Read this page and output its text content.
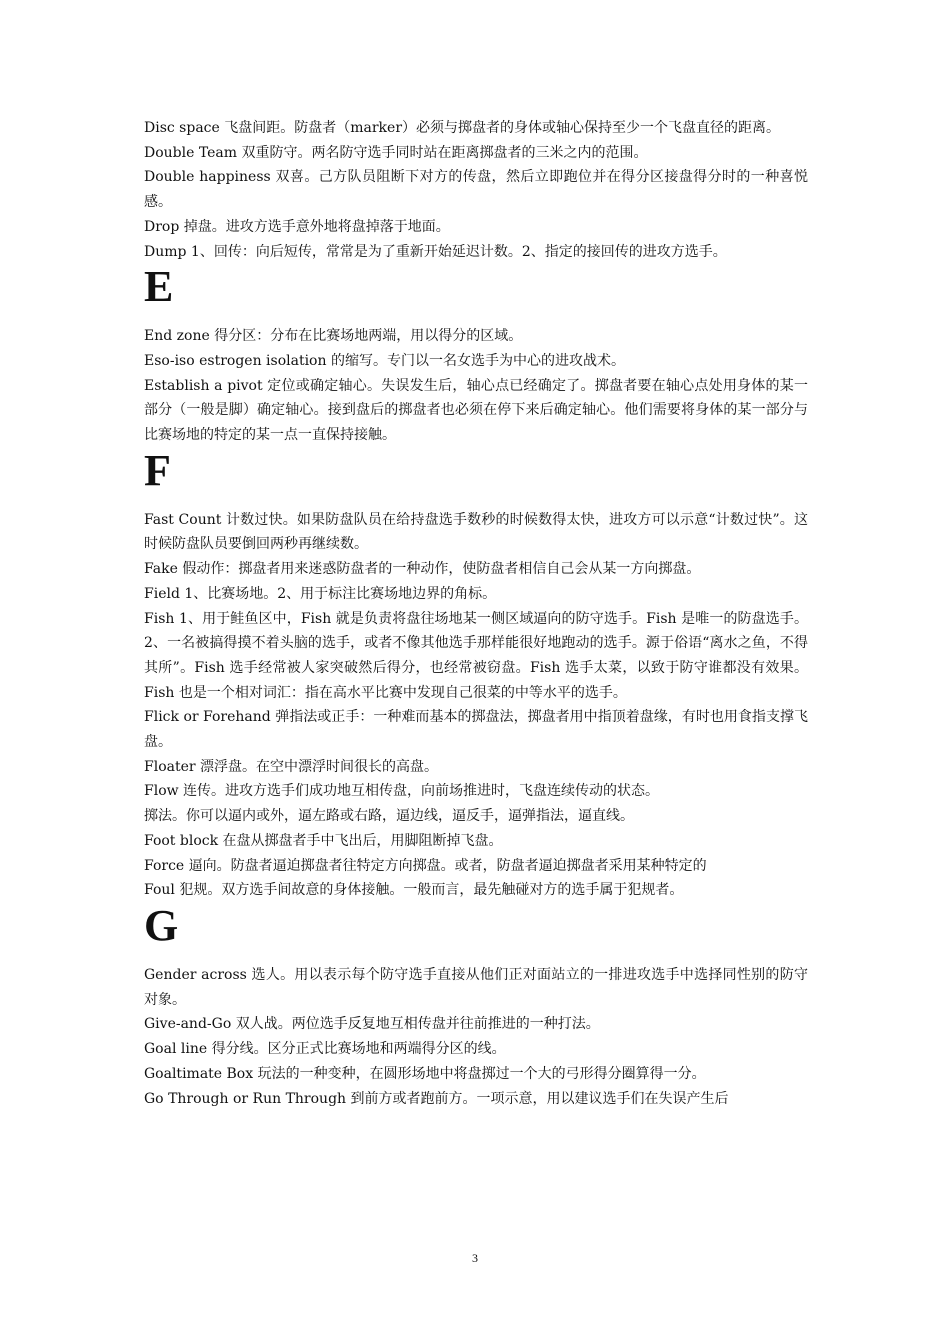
Disc space 飞盘间距。防盘者（marker）必须与掷盘者的身体或轴心保持至少一个飞盘直径的距离。

Double Team 双重防守。两名防守选手同时站在距离掷盘者的三米之内的范围。

Double happiness 双喜。己方队员阻断下对方的传盘，然后立即跑位并在得分区接盘得分时的一种喜悦感。

Drop 掉盘。进攻方选手意外地将盘掉落于地面。

Dump 1、回传：向后短传，常常是为了重新开始延迟计数。2、指定的接回传的进攻方选手。

E

End zone 得分区：分布在比赛场地两端，用以得分的区域。

Eso-iso estrogen isolation 的缩写。专门以一名女选手为中心的进攻战术。

Establish a pivot 定位或确定轴心。失误发生后，轴心点已经确定了。掷盘者要在轴心点处用身体的某一部分（一般是脚）确定轴心。接到盘后的掷盘者也必须在停下来后确定轴心。他们需要将身体的某一部分与比赛场地的特定的某一点一直保持接触。

F

Fast Count 计数过快。如果防盘队员在给持盘选手数秒的时候数得太快，进攻方可以示意“计数过快”。这时候防盘队员要倒回两秒再继续数。

Fake 假动作：掷盘者用来迷惑防盘者的一种动作，使防盘者相信自己会从某一方向掷盘。

Field 1、比赛场地。2、用于标注比赛场地边界的角标。

Fish 1、用于鲑鱼区中，Fish 就是负责将盘往场地某一侧区域逼向的防守选手。Fish 是唯一的防盘选手。2、一名被搞得摸不着头脑的选手，或者不像其他选手那样能很好地跑动的选手。源于俗语“离水之鱼，不得其所”。Fish 选手经常被人家突破然后得分，也经常被窃盘。Fish 选手太菜，以致于防守谁都没有效果。Fish 也是一个相对词汇：指在高水平比赛中发现自己很菜的中等水平的选手。

Flick or Forehand 弹指法或正手：一种难而基本的掷盘法，掷盘者用中指顶着盘缘，有时也用食指支撑飞盘。

Floater 漂浮盘。在空中漂浮时间很长的高盘。

Flow 连传。进攻方选手们成功地互相传盘，向前场推进时，飞盘连续传动的状态。

掷法。你可以逼内或外，逼左路或右路，逼边线，逼反手，逼弹指法，逼直线。

Foot block 在盘从掷盘者手中飞出后，用脚阻断掉飞盘。

Force 逼向。防盘者逼迫掷盘者往特定方向掷盘。或者，防盘者逼迫掷盘者采用某种特定的

Foul 犯规。双方选手间故意的身体接触。一般而言，最先触碰对方的选手属于犯规者。

G

Gender across 选人。用以表示每个防守选手直接从他们正对面站立的一排进攻选手中选择同性别的防守对象。

Give-and-Go 双人战。两位选手反复地互相传盘并往前推进的一种打法。

Goal line 得分线。区分正式比赛场地和两端得分区的线。

Goaltimate Box 玩法的一种变种，在圆形场地中将盘掷过一个大的弓形得分圈算得一分。

Go Through or Run Through 到前方或者跑前方。一项示意，用以建议选手们在失误产生后

3
